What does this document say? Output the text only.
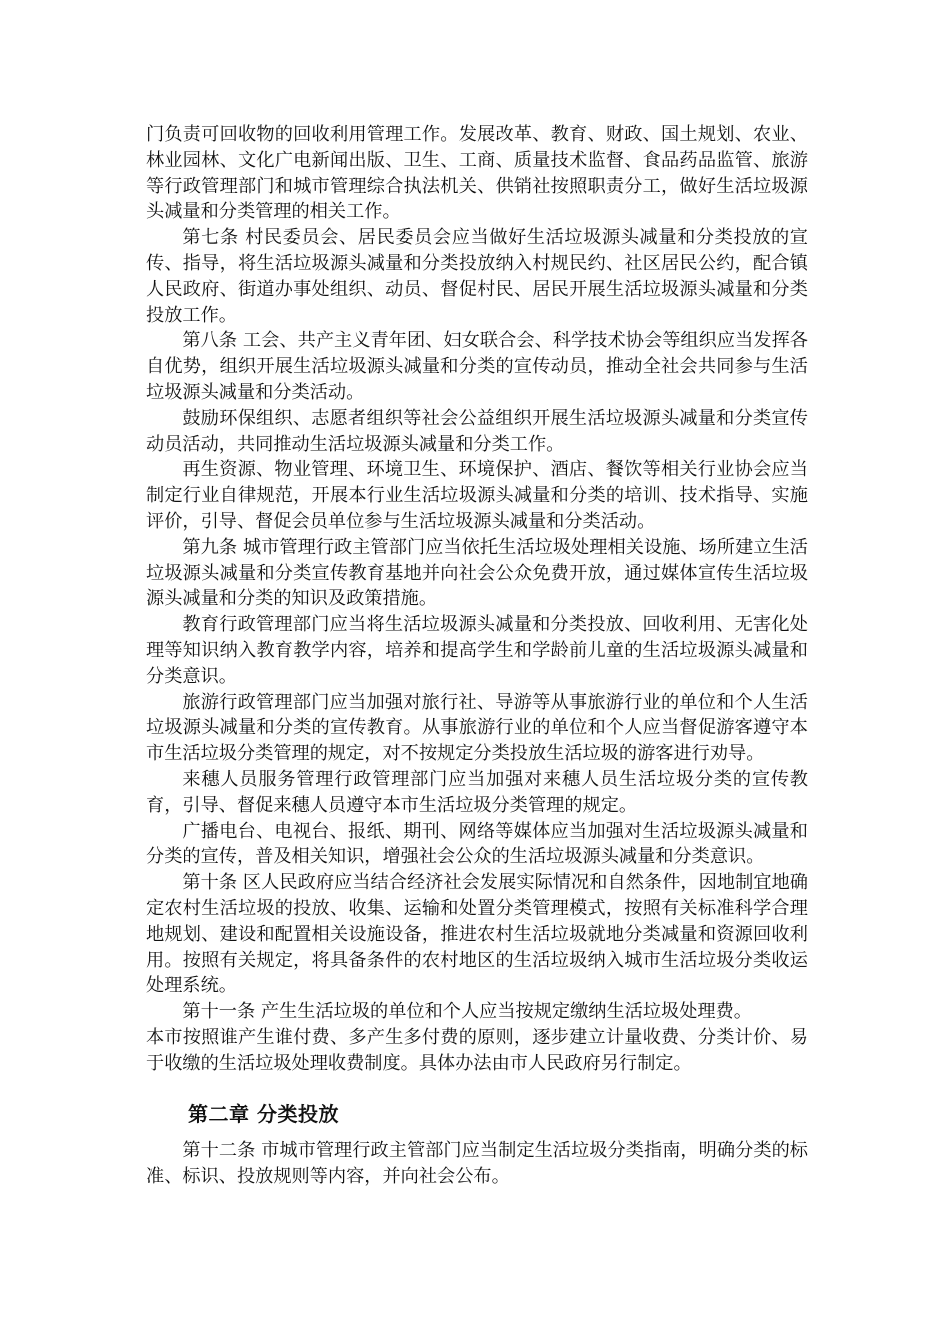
门负责可回收物的回收利用管理工作。发展改革、教育、财政、国土规划、农业、林业园林、文化广电新闻出版、卫生、工商、质量技术监督、食品药品监管、旅游等行政管理部门和城市管理综合执法机关、供销社按照职责分工，做好生活垃圾源头减量和分类管理的相关工作。

第七条 村民委员会、居民委员会应当做好生活垃圾源头减量和分类投放的宣传、指导，将生活垃圾源头减量和分类投放纳入村规民约、社区居民公约，配合镇人民政府、街道办事处组织、动员、督促村民、居民开展生活垃圾源头减量和分类投放工作。

第八条 工会、共产主义青年团、妇女联合会、科学技术协会等组织应当发挥各自优势，组织开展生活垃圾源头减量和分类的宣传动员，推动全社会共同参与生活垃圾源头减量和分类活动。

鼓励环保组织、志愿者组织等社会公益组织开展生活垃圾源头减量和分类宣传动员活动，共同推动生活垃圾源头减量和分类工作。

再生资源、物业管理、环境卫生、环境保护、酒店、餐饮等相关行业协会应当制定行业自律规范，开展本行业生活垃圾源头减量和分类的培训、技术指导、实施评价，引导、督促会员单位参与生活垃圾源头减量和分类活动。

第九条 城市管理行政主管部门应当依托生活垃圾处理相关设施、场所建立生活垃圾源头减量和分类宣传教育基地并向社会公众免费开放，通过媒体宣传生活垃圾源头减量和分类的知识及政策措施。

教育行政管理部门应当将生活垃圾源头减量和分类投放、回收利用、无害化处理等知识纳入教育教学内容，培养和提高学生和学龄前儿童的生活垃圾源头减量和分类意识。

旅游行政管理部门应当加强对旅行社、导游等从事旅游行业的单位和个人生活垃圾源头减量和分类的宣传教育。从事旅游行业的单位和个人应当督促游客遵守本市生活垃圾分类管理的规定，对不按规定分类投放生活垃圾的游客进行劝导。

来穗人员服务管理行政管理部门应当加强对来穗人员生活垃圾分类的宣传教育，引导、督促来穗人员遵守本市生活垃圾分类管理的规定。

广播电台、电视台、报纸、期刊、网络等媒体应当加强对生活垃圾源头减量和分类的宣传，普及相关知识，增强社会公众的生活垃圾源头减量和分类意识。

第十条 区人民政府应当结合经济社会发展实际情况和自然条件，因地制宜地确定农村生活垃圾的投放、收集、运输和处置分类管理模式，按照有关标准科学合理地规划、建设和配置相关设施设备，推进农村生活垃圾就地分类减量和资源回收利用。按照有关规定，将具备条件的农村地区的生活垃圾纳入城市生活垃圾分类收运处理系统。

第十一条 产生生活垃圾的单位和个人应当按规定缴纳生活垃圾处理费。

本市按照谁产生谁付费、多产生多付费的原则，逐步建立计量收费、分类计价、易于收缴的生活垃圾处理收费制度。具体办法由市人民政府另行制定。

第二章 分类投放

第十二条 市城市管理行政主管部门应当制定生活垃圾分类指南，明确分类的标准、标识、投放规则等内容，并向社会公布。
